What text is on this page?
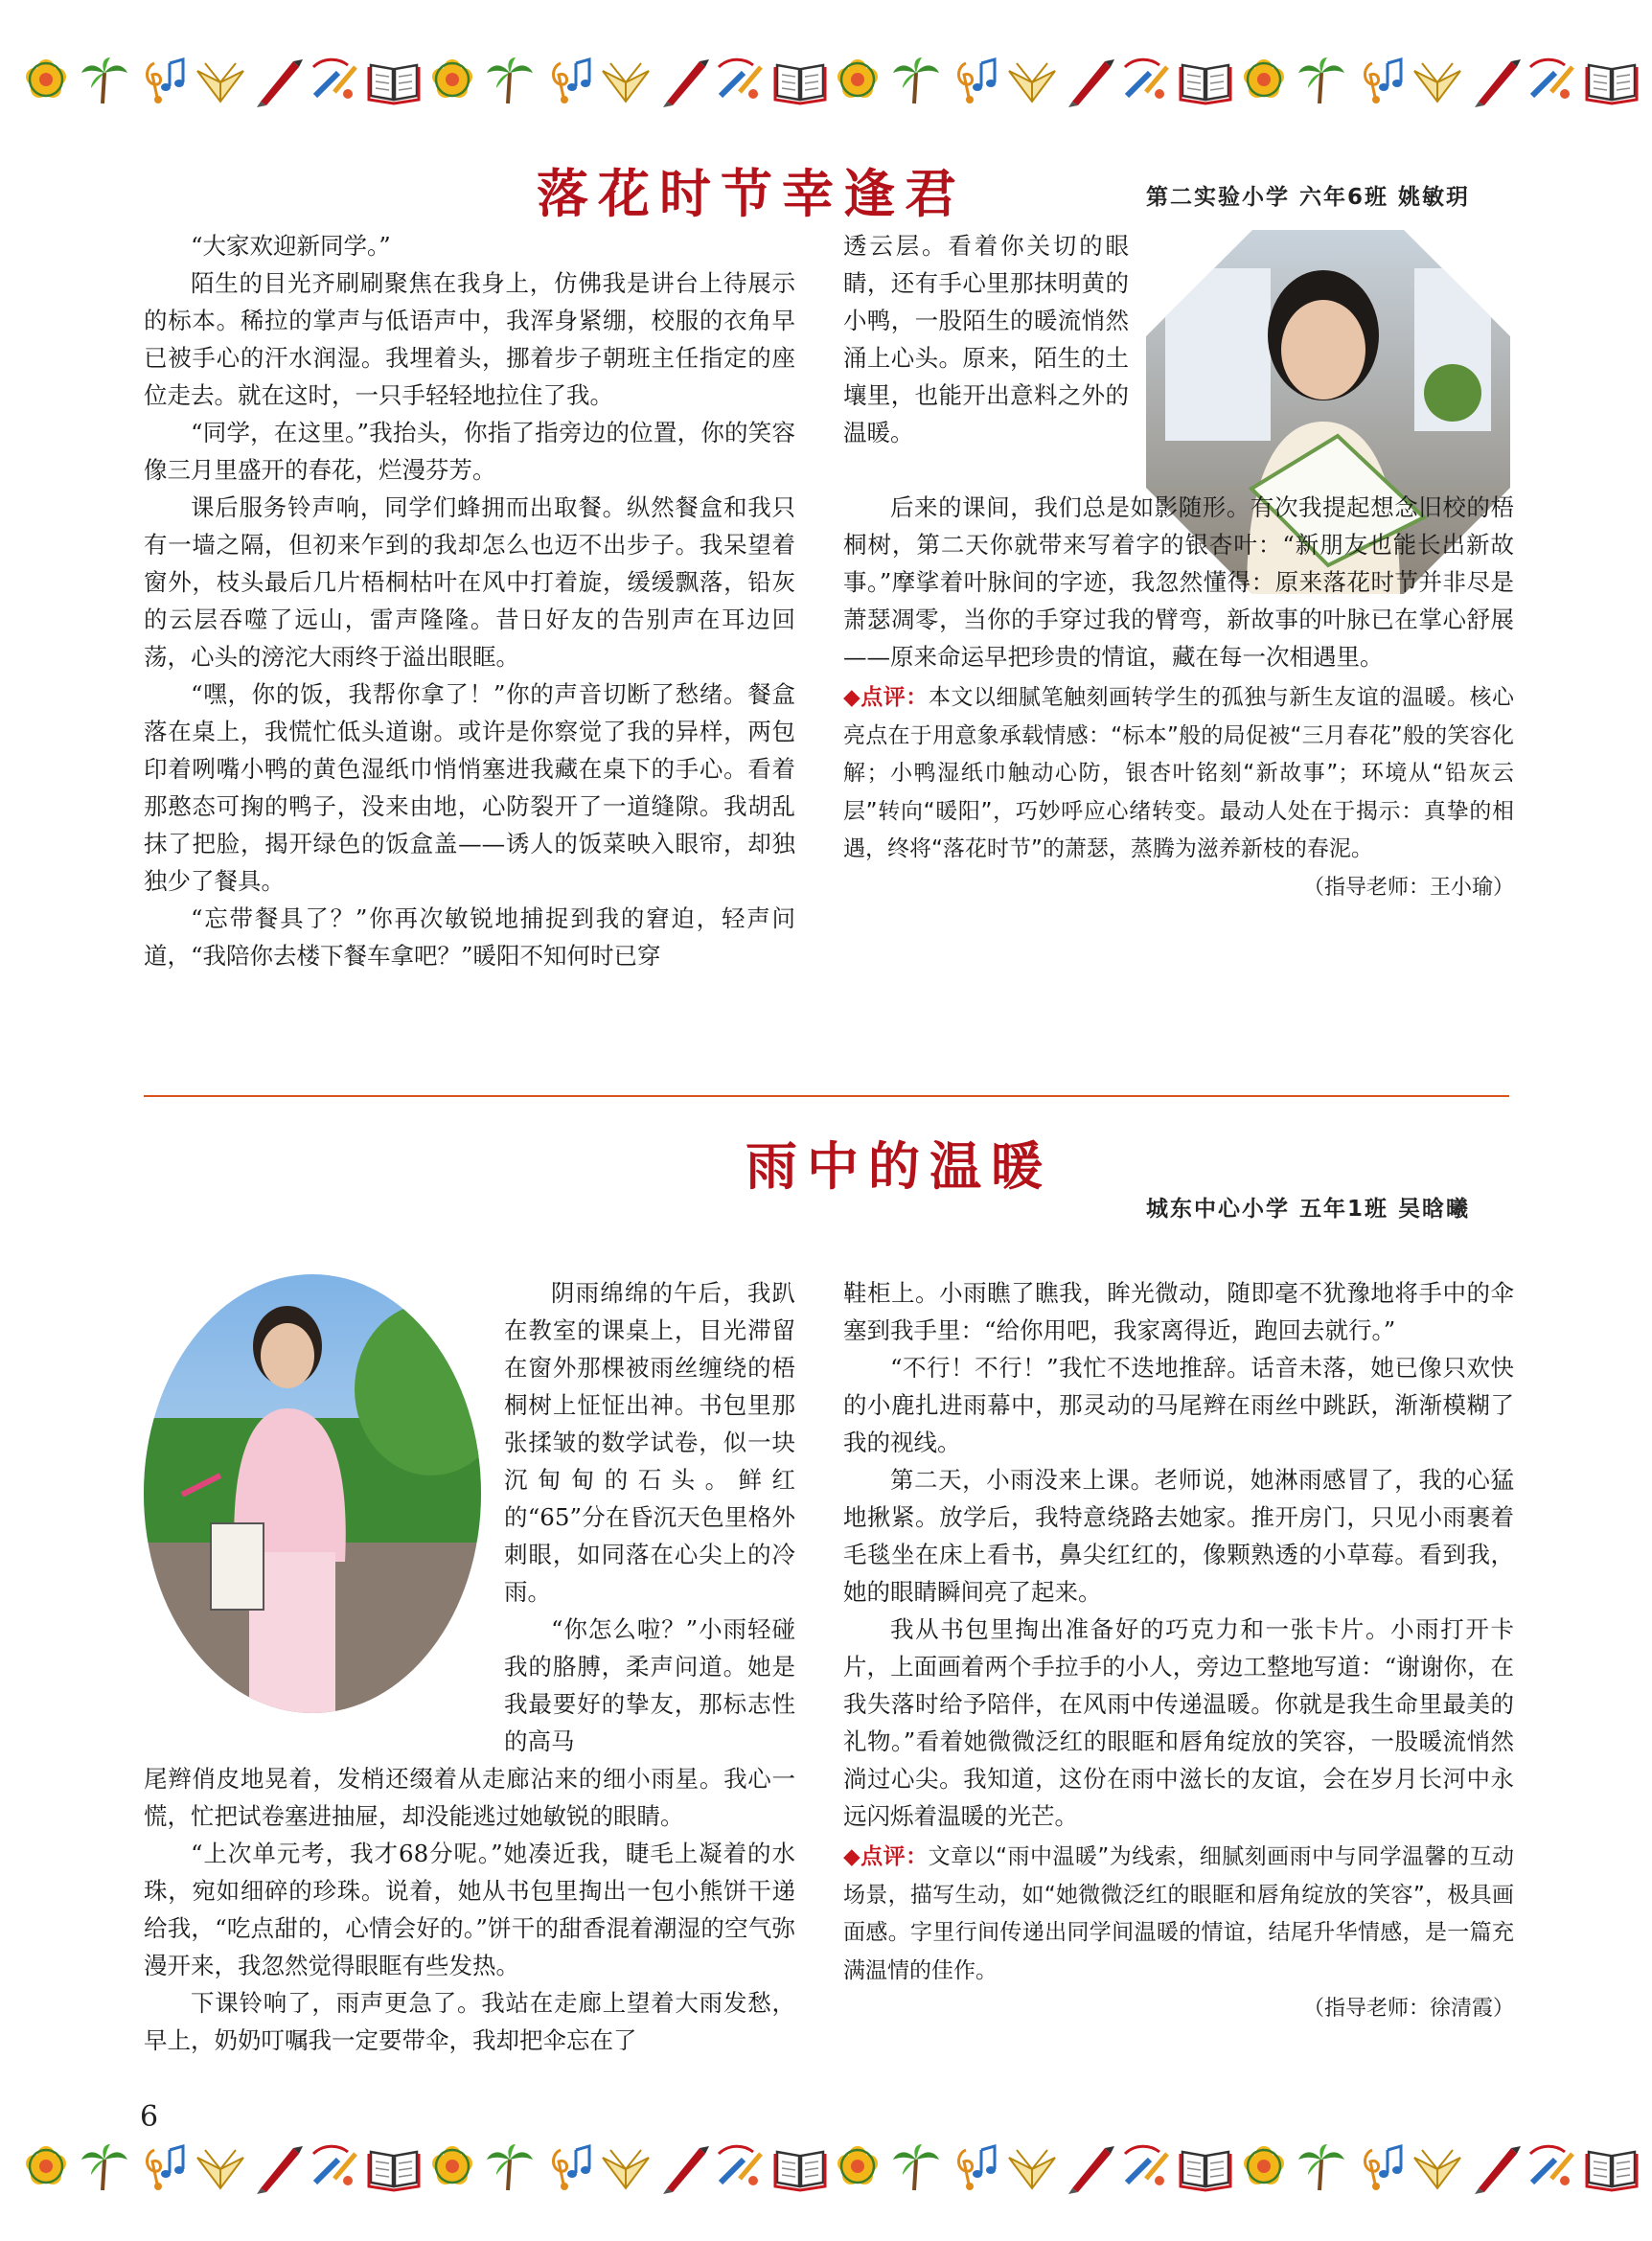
落花时节幸逢君	第二实验小学 六年6班 姚敏玥

“大家欢迎新同学。”

陌生的目光齐刷刷聚焦在我身上，仿佛我是讲台上待展示的标本。稀拉的掌声与低语声中，我浑身紧绷，校服的衣角早已被手心的汗水润湿。我埋着头，挪着步子朝班主任指定的座位走去。就在这时，一只手轻轻地拉住了我。

“同学，在这里。”我抬头，你指了指旁边的位置，你的笑容像三月里盛开的春花，烂漫芬芳。

课后服务铃声响，同学们蜂拥而出取餐。纵然餐盒和我只有一墙之隔，但初来乍到的我却怎么也迈不出步子。我呆望着窗外，枝头最后几片梧桐枯叶在风中打着旋，缓缓飘落，铅灰的云层吞噬了远山，雷声隆隆。昔日好友的告别声在耳边回荡，心头的滂沱大雨终于溢出眼眶。

“嘿，你的饭，我帮你拿了！”你的声音切断了愁绪。餐盒落在桌上，我慌忙低头道谢。或许是你察觉了我的异样，两包印着咧嘴小鸭的黄色湿纸巾悄悄塞进我藏在桌下的手心。看着那憨态可掬的鸭子，没来由地，心防裂开了一道缝隙。我胡乱抹了把脸，揭开绿色的饭盒盖——诱人的饭菜映入眼帘，却独独少了餐具。

“忘带餐具了？”你再次敏锐地捕捉到我的窘迫，轻声问道，“我陪你去楼下餐车拿吧？”暖阳不知何时已穿

透云层。看着你关切的眼睛，还有手心里那抹明黄的小鸭，一股陌生的暖流悄然涌上心头。原来，陌生的土壤里，也能开出意料之外的温暖。

后来的课间，我们总是如影随形。有次我提起想念旧校的梧桐树，第二天你就带来写着字的银杏叶：“新朋友也能长出新故事。”摩挲着叶脉间的字迹，我忽然懂得：原来落花时节并非尽是萧瑟凋零，当你的手穿过我的臂弯，新故事的叶脉已在掌心舒展——原来命运早把珍贵的情谊，藏在每一次相遇里。

◆点评：本文以细腻笔触刻画转学生的孤独与新生友谊的温暖。核心亮点在于用意象承载情感：“标本”般的局促被“三月春花”般的笑容化解；小鸭湿纸巾触动心防，银杏叶铭刻“新故事”；环境从“铅灰云层”转向“暖阳”，巧妙呼应心绪转变。最动人处在于揭示：真挚的相遇，终将“落花时节”的萧瑟，蒸腾为滋养新枝的春泥。

（指导老师：王小瑜）

雨中的温暖
城东中心小学 五年1班 吴晗曦

阴雨绵绵的午后，我趴在教室的课桌上，目光滞留在窗外那棵被雨丝缠绕的梧桐树上怔怔出神。书包里那张揉皱的数学试卷，似一块沉甸甸的石头。鲜红的“65”分在昏沉天色里格外刺眼，如同落在心尖上的冷雨。

“你怎么啦？”小雨轻碰我的胳膊，柔声问道。她是我最要好的挚友，那标志性的高马
尾辫俏皮地晃着，发梢还缀着从走廊沾来的细小雨星。我心一慌，忙把试卷塞进抽屉，却没能逃过她敏锐的眼睛。

“上次单元考，我才68分呢。”她凑近我，睫毛上凝着的水珠，宛如细碎的珍珠。说着，她从书包里掏出一包小熊饼干递给我，“吃点甜的，心情会好的。”饼干的甜香混着潮湿的空气弥漫开来，我忽然觉得眼眶有些发热。

下课铃响了，雨声更急了。我站在走廊上望着大雨发愁，早上，奶奶叮嘱我一定要带伞，我却把伞忘在了

鞋柜上。小雨瞧了瞧我，眸光微动，随即毫不犹豫地将手中的伞塞到我手里：“给你用吧，我家离得近，跑回去就行。”

“不行！不行！”我忙不迭地推辞。话音未落，她已像只欢快的小鹿扎进雨幕中，那灵动的马尾辫在雨丝中跳跃，渐渐模糊了我的视线。

第二天，小雨没来上课。老师说，她淋雨感冒了，我的心猛地揪紧。放学后，我特意绕路去她家。推开房门，只见小雨裹着毛毯坐在床上看书，鼻尖红红的，像颗熟透的小草莓。看到我，她的眼睛瞬间亮了起来。

我从书包里掏出准备好的巧克力和一张卡片。小雨打开卡片，上面画着两个手拉手的小人，旁边工整地写道：“谢谢你，在我失落时给予陪伴，在风雨中传递温暖。你就是我生命里最美的礼物。”看着她微微泛红的眼眶和唇角绽放的笑容，一股暖流悄然淌过心尖。我知道，这份在雨中滋长的友谊，会在岁月长河中永远闪烁着温暖的光芒。

◆点评：文章以“雨中温暖”为线索，细腻刻画雨中与同学温馨的互动场景，描写生动，如“她微微泛红的眼眶和唇角绽放的笑容”，极具画面感。字里行间传递出同学间温暖的情谊，结尾升华情感，是一篇充满温情的佳作。

（指导老师：徐清霞）

6
